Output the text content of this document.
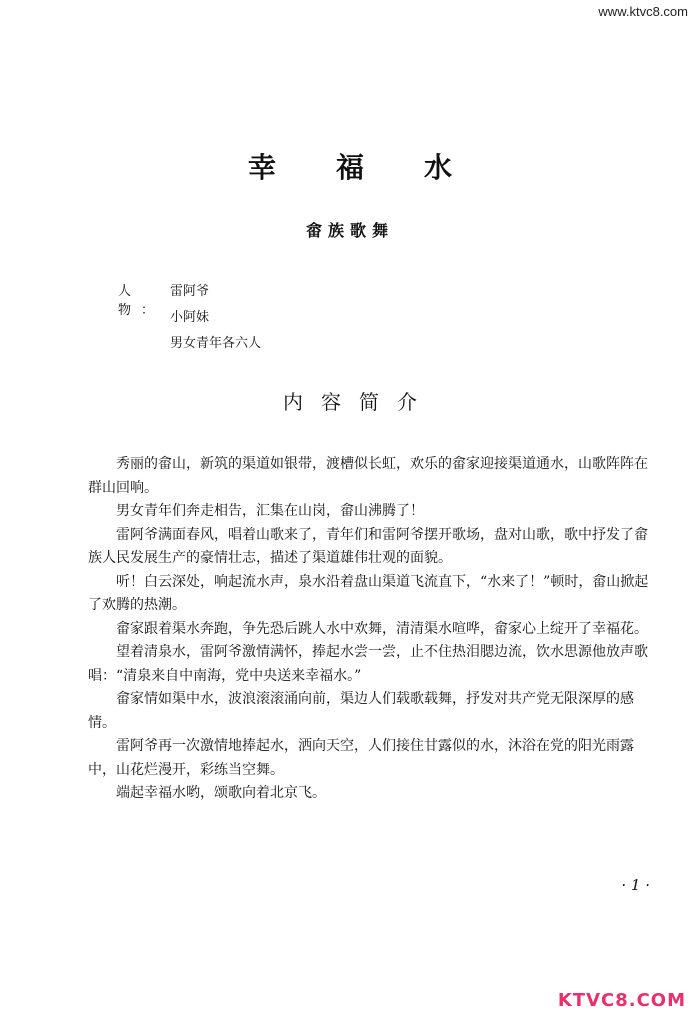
www.ktvc8.com
幸福水
畲族歌舞
人物：
雷阿爷
小阿妹
男女青年各六人
内容简介

秀丽的畲山，新筑的渠道如银带，渡槽似长虹，欢乐的畲家迎接渠道通水，山歌阵阵在群山回响。

男女青年们奔走相告，汇集在山岗，畲山沸腾了！

雷阿爷满面春风，唱着山歌来了，青年们和雷阿爷摆开歌场，盘对山歌，歌中抒发了畲族人民发展生产的豪情壮志，描述了渠道雄伟壮观的面貌。

听！白云深处，响起流水声，泉水沿着盘山渠道飞流直下，“水来了！”顿时，畲山掀起了欢腾的热潮。

畲家跟着渠水奔跑，争先恐后跳人水中欢舞，清清渠水喧哗，畲家心上绽开了幸福花。

望着清泉水，雷阿爷激情满怀，捧起水尝一尝，止不住热泪腮边流，饮水思源他放声歌唱：“清泉来自中南海，党中央送来幸福水。”

畲家情如渠中水，波浪滚滚涌向前，渠边人们载歌载舞，抒发对共产党无限深厚的感情。

雷阿爷再一次激情地捧起水，洒向天空，人们接住甘露似的水，沐浴在党的阳光雨露中，山花烂漫开，彩练当空舞。

端起幸福水哟，颂歌向着北京飞。

· 1 ·
KTVC8.COM
